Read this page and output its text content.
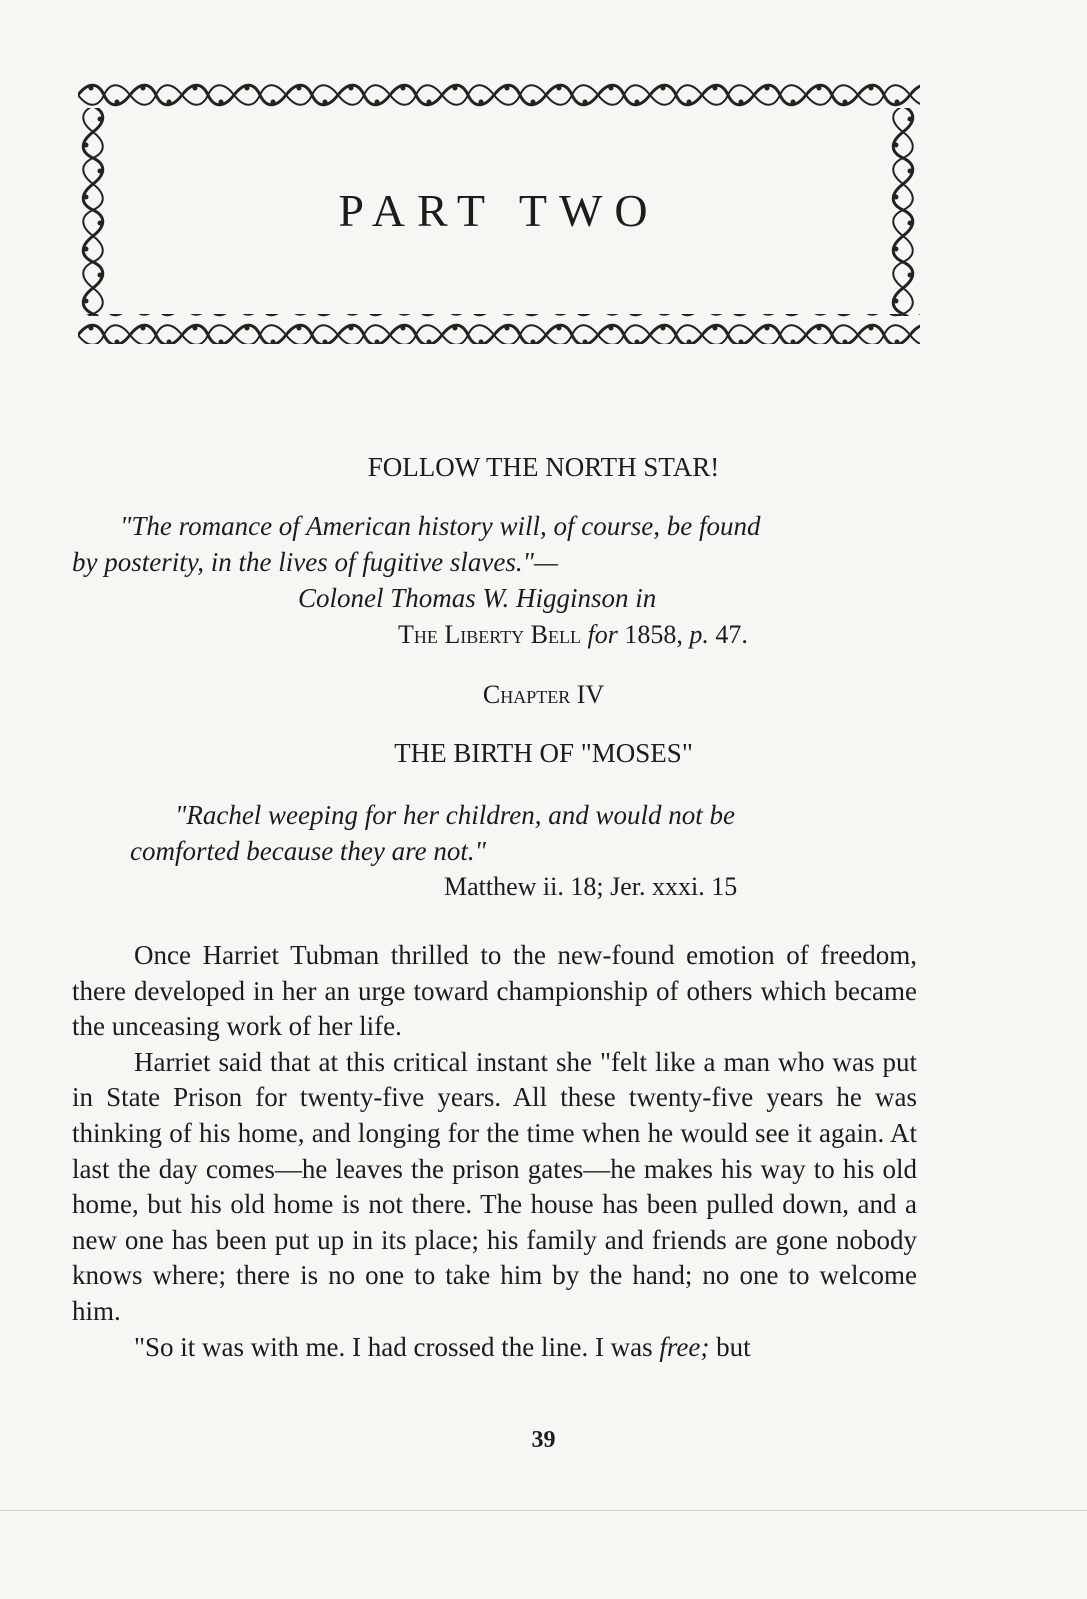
PART TWO
FOLLOW THE NORTH STAR!

"The romance of American history will, of course, be found

by posterity, in the lives of fugitive slaves."—

Colonel Thomas W. Higginson in

The Liberty Bell for 1858, p. 47.

Chapter IV
THE BIRTH OF "MOSES"

"Rachel weeping for her children, and would not be

comforted because they are not."

Matthew ii. 18; Jer. xxxi. 15

Once Harriet Tubman thrilled to the new-found emotion of freedom, there developed in her an urge toward championship of others which became the unceasing work of her life.

Harriet said that at this critical instant she "felt like a man who was put in State Prison for twenty-five years. All these twenty-five years he was thinking of his home, and longing for the time when he would see it again. At last the day comes—he leaves the prison gates—he makes his way to his old home, but his old home is not there. The house has been pulled down, and a new one has been put up in its place; his family and friends are gone nobody knows where; there is no one to take him by the hand; no one to welcome him.

"So it was with me. I had crossed the line. I was free; but

39
